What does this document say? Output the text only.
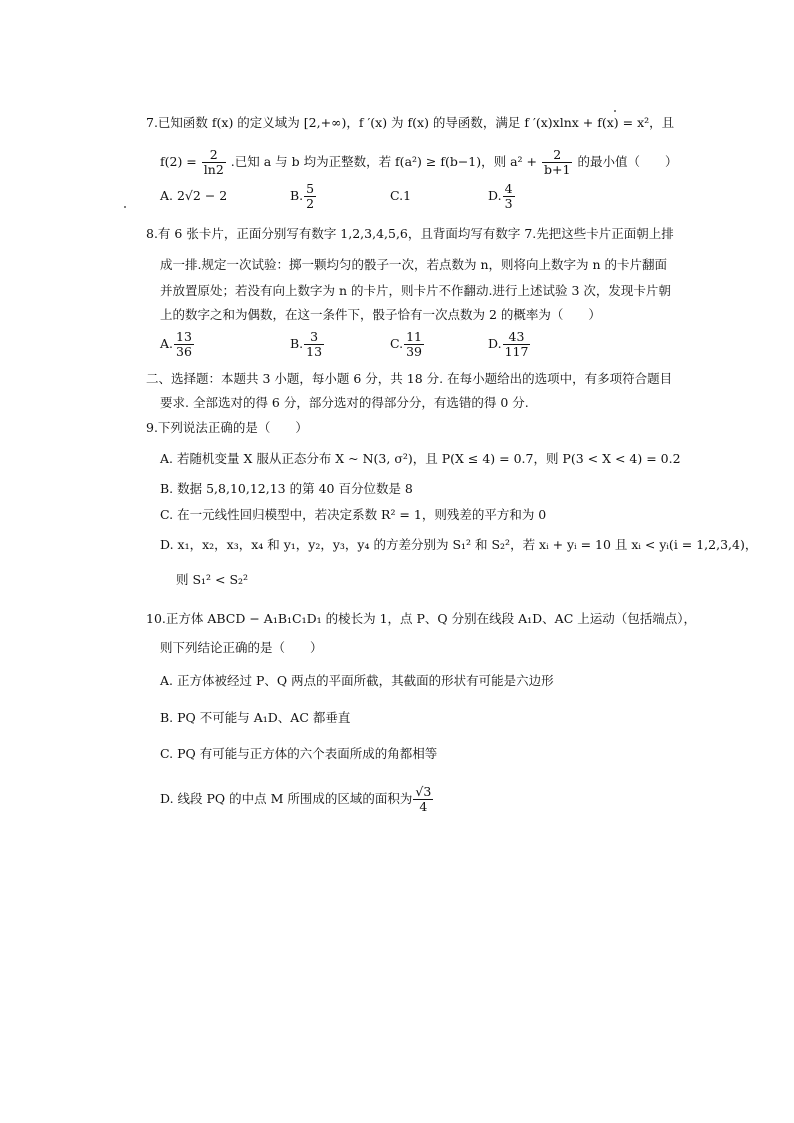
7.已知函数 f(x) 的定义域为 [2,+∞)，f ′(x) 为 f(x) 的导函数，满足 f ′(x)xlnx + f(x) = x²，且
$f(2) = \frac{2}{\ln 2}$ .已知 a 与 b 均为正整数，若 f(a²) ≥ f(b−1)，则 $a^2 + \frac{2}{b+1}$ 的最小值（　　）
A. 2√2 − 2	B. $\frac{5}{2}$	C.1	D. $\frac{4}{3}$
8.有 6 张卡片，正面分别写有数字 1,2,3,4,5,6，且背面均写有数字 7.先把这些卡片正面朝上排
成一排.规定一次试验：掷一颗均匀的骰子一次，若点数为 n，则将向上数字为 n 的卡片翻面
并放置原处；若没有向上数字为 n 的卡片，则卡片不作翻动.进行上述试验 3 次，发现卡片朝
上的数字之和为偶数，在这一条件下，骰子恰有一次点数为 2 的概率为（　　）
A. $\frac{13}{36}$	B. $\frac{3}{13}$	C. $\frac{11}{39}$	D. $\frac{43}{117}$
二、选择题：本题共 3 小题，每小题 6 分，共 18 分. 在每小题给出的选项中，有多项符合题目
要求. 全部选对的得 6 分，部分选对的得部分分，有选错的得 0 分.
9.下列说法正确的是（　　）
A. 若随机变量 X 服从正态分布 X ~ N(3, σ²)，且 P(X ≤ 4) = 0.7，则 P(3 < X < 4) = 0.2
B. 数据 5,8,10,12,13 的第 40 百分位数是 8
C. 在一元线性回归模型中，若决定系数 R² = 1，则残差的平方和为 0
D. x₁，x₂，x₃，x₄ 和 y₁，y₂，y₃，y₄ 的方差分别为 S₁² 和 S₂²，若 xᵢ + yᵢ = 10 且 xᵢ < yᵢ(i = 1,2,3,4)，
则 S₁² < S₂²
10.正方体 ABCD − A₁B₁C₁D₁ 的棱长为 1，点 P、Q 分别在线段 A₁D、AC 上运动（包括端点），
则下列结论正确的是（　　）
A. 正方体被经过 P、Q 两点的平面所截，其截面的形状有可能是六边形
B. PQ 不可能与 A₁D、AC 都垂直
C. PQ 有可能与正方体的六个表面所成的角都相等
D. 线段 PQ 的中点 M 所围成的区域的面积为 $\frac{√3}{4}$
